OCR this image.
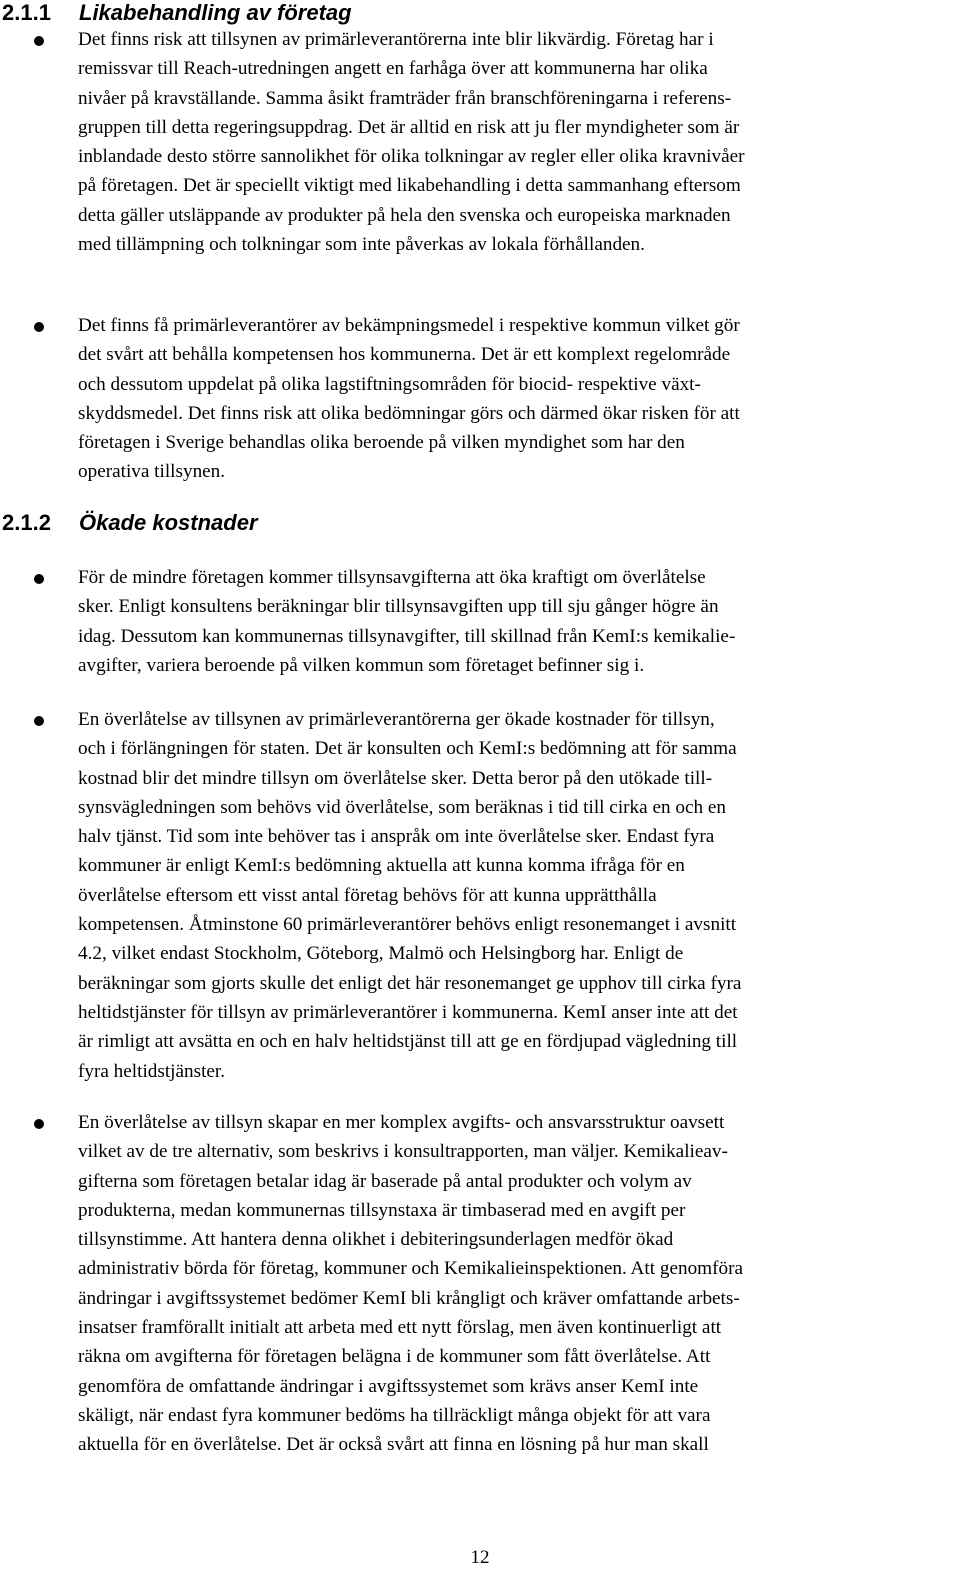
2.1.1 Likabehandling av företag

Det finns risk att tillsynen av primärleverantörerna inte blir likvärdig. Företag har i
remissvar till Reach-utredningen angett en farhåga över att kommunerna har olika
nivåer på kravställande. Samma åsikt framträder från branschföreningarna i referens-
gruppen till detta regeringsuppdrag. Det är alltid en risk att ju fler myndigheter som är
inblandade desto större sannolikhet för olika tolkningar av regler eller olika kravnivåer
på företagen. Det är speciellt viktigt med likabehandling i detta sammanhang eftersom
detta gäller utsläppande av produkter på hela den svenska och europeiska marknaden
med tillämpning och tolkningar som inte påverkas av lokala förhållanden.

Det finns få primärleverantörer av bekämpningsmedel i respektive kommun vilket gör
det svårt att behålla kompetensen hos kommunerna. Det är ett komplext regelområde
och dessutom uppdelat på olika lagstiftningsområden för biocid- respektive växt-
skyddsmedel. Det finns risk att olika bedömningar görs och därmed ökar risken för att
företagen i Sverige behandlas olika beroende på vilken myndighet som har den
operativa tillsynen.

2.1.2 Ökade kostnader

För de mindre företagen kommer tillsynsavgifterna att öka kraftigt om överlåtelse
sker. Enligt konsultens beräkningar blir tillsynsavgiften upp till sju gånger högre än
idag. Dessutom kan kommunernas tillsynavgifter, till skillnad från KemI:s kemikalie-
avgifter, variera beroende på vilken kommun som företaget befinner sig i.

En överlåtelse av tillsynen av primärleverantörerna ger ökade kostnader för tillsyn,
och i förlängningen för staten. Det är konsulten och KemI:s bedömning att för samma
kostnad blir det mindre tillsyn om överlåtelse sker. Detta beror på den utökade till-
synsvägledningen som behövs vid överlåtelse, som beräknas i tid till cirka en och en
halv tjänst. Tid som inte behöver tas i anspråk om inte överlåtelse sker. Endast fyra
kommuner är enligt KemI:s bedömning aktuella att kunna komma ifråga för en
överlåtelse eftersom ett visst antal företag behövs för att kunna upprätthålla
kompetensen. Åtminstone 60 primärleverantörer behövs enligt resonemanget i avsnitt
4.2, vilket endast Stockholm, Göteborg, Malmö och Helsingborg har. Enligt de
beräkningar som gjorts skulle det enligt det här resonemanget ge upphov till cirka fyra
heltidstjänster för tillsyn av primärleverantörer i kommunerna. KemI anser inte att det
är rimligt att avsätta en och en halv heltidstjänst till att ge en fördjupad vägledning till
fyra heltidstjänster.

En överlåtelse av tillsyn skapar en mer komplex avgifts- och ansvarsstruktur oavsett
vilket av de tre alternativ, som beskrivs i konsultrapporten, man väljer. Kemikalieav-
gifterna som företagen betalar idag är baserade på antal produkter och volym av
produkterna, medan kommunernas tillsynstaxa är timbaserad med en avgift per
tillsynstimme. Att hantera denna olikhet i debiteringsunderlagen medför ökad
administrativ börda för företag, kommuner och Kemikalieinspektionen. Att genomföra
ändringar i avgiftssystemet bedömer KemI bli krångligt och kräver omfattande arbets-
insatser framförallt initialt att arbeta med ett nytt förslag, men även kontinuerligt att
räkna om avgifterna för företagen belägna i de kommuner som fått överlåtelse. Att
genomföra de omfattande ändringar i avgiftssystemet som krävs anser KemI inte
skäligt, när endast fyra kommuner bedöms ha tillräckligt många objekt för att vara
aktuella för en överlåtelse. Det är också svårt att finna en lösning på hur man skall

12
